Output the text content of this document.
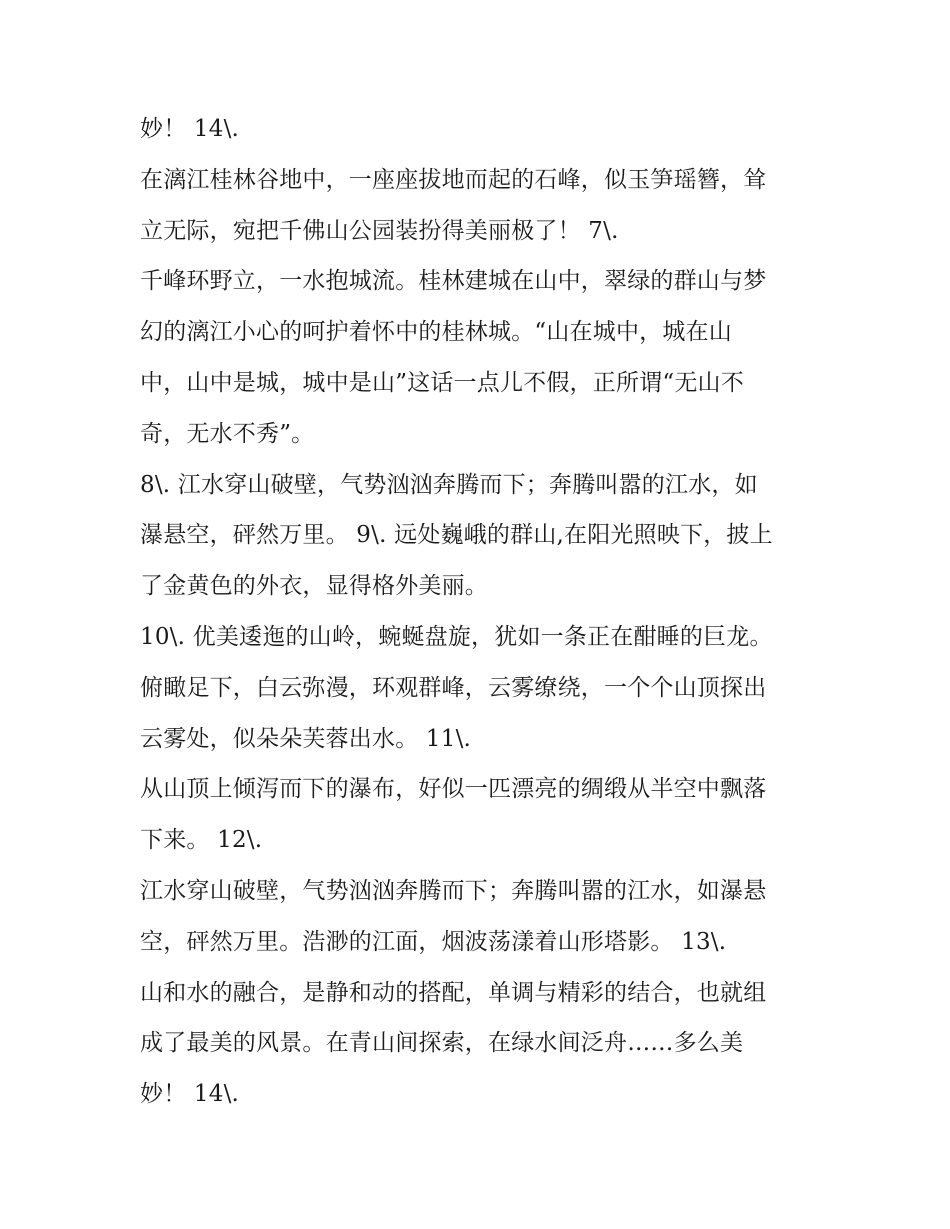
妙！ 14\.
在漓江桂林谷地中，一座座拔地而起的石峰，似玉笋瑶簪，耸
立无际，宛把千佛山公园装扮得美丽极了！ 7\.
千峰环野立，一水抱城流。桂林建城在山中，翠绿的群山与梦
幻的漓江小心的呵护着怀中的桂林城。“山在城中，城在山
中，山中是城，城中是山”这话一点儿不假，正所谓“无山不
奇，无水不秀”。
8\. 江水穿山破壁，气势汹汹奔腾而下；奔腾叫嚣的江水，如
瀑悬空，砰然万里。 9\. 远处巍峨的群山,在阳光照映下，披上
了金黄色的外衣，显得格外美丽。
10\. 优美逶迤的山岭，蜿蜒盘旋，犹如一条正在酣睡的巨龙。
俯瞰足下，白云弥漫，环观群峰，云雾缭绕，一个个山顶探出
云雾处，似朵朵芙蓉出水。 11\.
从山顶上倾泻而下的瀑布，好似一匹漂亮的绸缎从半空中飘落
下来。 12\.
江水穿山破壁，气势汹汹奔腾而下；奔腾叫嚣的江水，如瀑悬
空，砰然万里。浩渺的江面，烟波荡漾着山形塔影。 13\.
山和水的融合，是静和动的搭配，单调与精彩的结合，也就组
成了最美的风景。在青山间探索，在绿水间泛舟……多么美
妙！ 14\.
